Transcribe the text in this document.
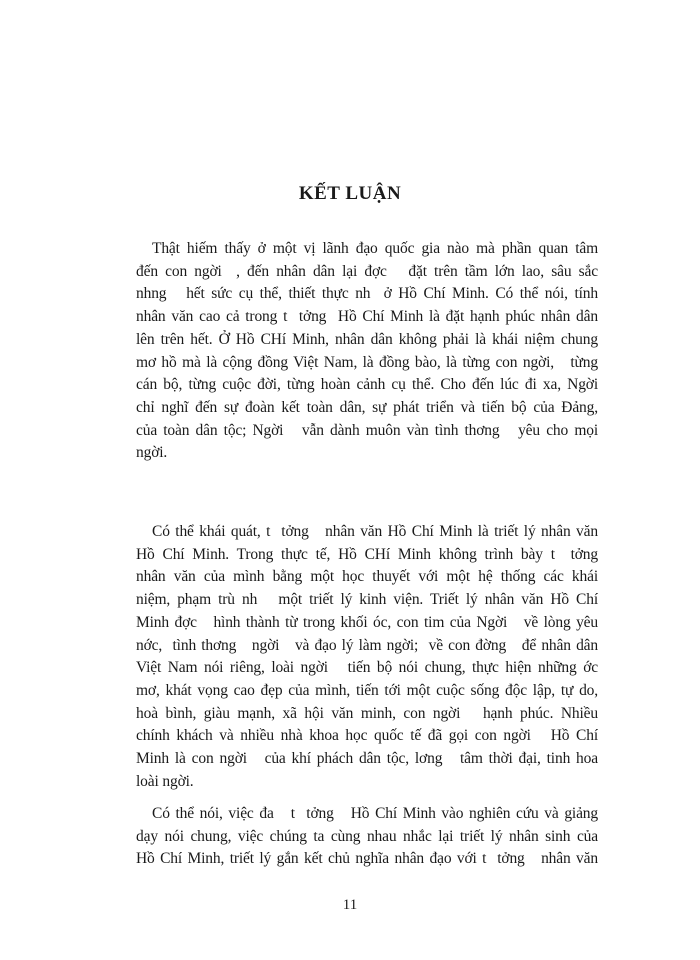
KẾT LUẬN
Thật hiếm thấy ở một vị lãnh đạo quốc gia nào mà phần quan tâm
đến con ngời  , đến nhân dân lại đợc   đặt trên tầm lớn lao, sâu sắc
nhng   hết sức cụ thể, thiết thực nh  ở Hồ Chí Minh. Có thể nói, tính
nhân văn cao cả trong t  tởng  Hồ Chí Minh là đặt hạnh phúc nhân dân
lên trên hết. Ở Hồ CHí Minh, nhân dân không phải là khái niệm chung
mơ hồ mà là cộng đồng Việt Nam, là đồng bào, là từng con ngời,   từng
cán bộ, từng cuộc đời, từng hoàn cảnh cụ thể. Cho đến lúc đi xa, Ngời
chỉ nghĩ đến sự đoàn kết toàn dân, sự phát triển và tiến bộ của Đảng,
của toàn dân tộc; Ngời   vẫn dành muôn vàn tình thơng   yêu cho mọi
ngời.
Có thể khái quát, t  tởng   nhân văn Hồ Chí Minh là triết lý nhân văn
Hồ Chí Minh. Trong thực tế, Hồ CHí Minh không trình bày t  tởng
nhân văn của mình bằng một học thuyết với một hệ thống các khái
niệm, phạm trù nh   một triết lý kinh viện. Triết lý nhân văn Hồ Chí
Minh đợc   hình thành từ trong khối óc, con tim của Ngời   về lòng yêu
nớc,  tình thơng   ngời   và đạo lý làm ngời;  về con đờng   để nhân dân
Việt Nam nói riêng, loài ngời   tiến bộ nói chung, thực hiện những ớc
mơ, khát vọng cao đẹp của mình, tiến tới một cuộc sống độc lập, tự do,
hoà bình, giàu mạnh, xã hội văn minh, con ngời   hạnh phúc. Nhiều
chính khách và nhiều nhà khoa học quốc tế đã gọi con ngời   Hồ Chí
Minh là con ngời   của khí phách dân tộc, lơng   tâm thời đại, tinh hoa
loài ngời.
Có thể nói, việc đa   t  tởng   Hồ Chí Minh vào nghiên cứu và giảng
dạy nói chung, việc chúng ta cùng nhau nhắc lại triết lý nhân sinh của
Hồ Chí Minh, triết lý gắn kết chủ nghĩa nhân đạo với t  tởng   nhân văn

11
